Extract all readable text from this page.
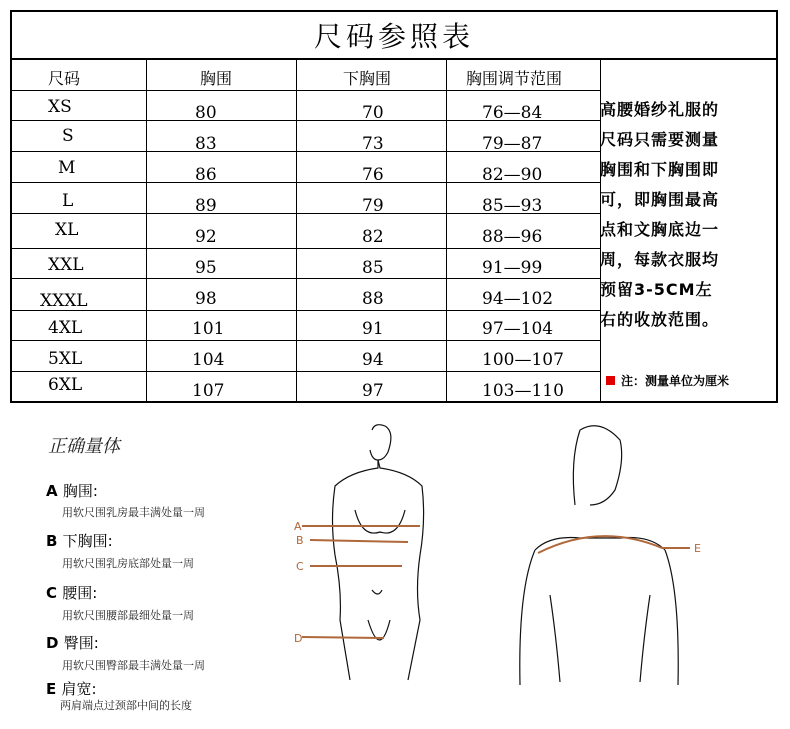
尺码参照表
尺码	胸围	下胸围	胸围调节范围
XS	80	70	76—84
S	83	73	79—87
M	86	76	82—90
L	89	79	85—93
XL	92	82	88—96
XXL	95	85	91—99
XXXL	98	88	94—102
4XL	101	91	97—104
5XL	104	94	100—107
6XL	107	97	103—110
高腰婚纱礼服的
尺码只需要测量
胸围和下胸围即
可，即胸围最高
点和文胸底边一
周，每款衣服均
预留3-5CM左
右的收放范围。
注：测量单位为厘米
正确量体
A 胸围:
用软尺围乳房最丰满处量一周
B 下胸围:
用软尺围乳房底部处量一周
C 腰围:
用软尺围腰部最细处量一周
D 臀围:
用软尺围臀部最丰满处量一周
E 肩宽:
两肩端点过颈部中间的长度
A
B
C
D
E
